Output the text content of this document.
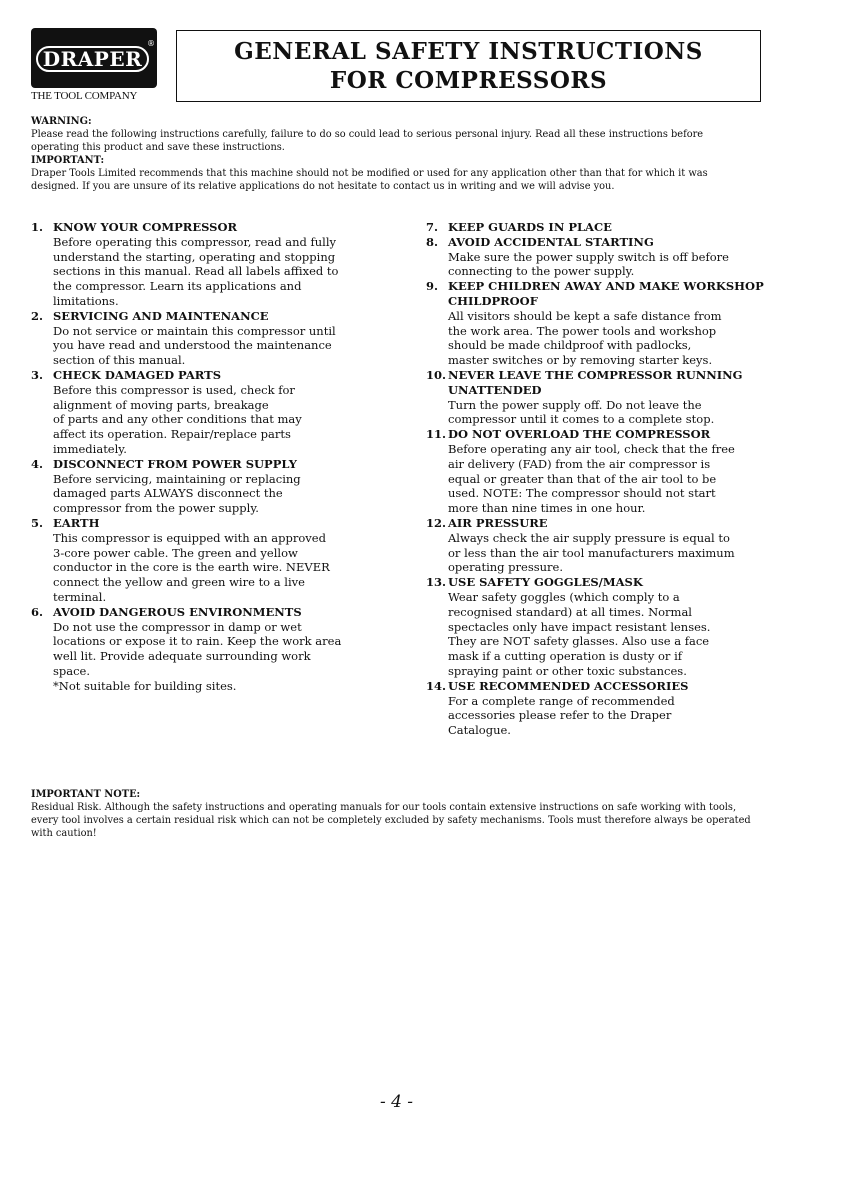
®
DRAPER
THE TOOL COMPANY
GENERAL SAFETY INSTRUCTIONS
FOR COMPRESSORS
WARNING:

Please read the following instructions carefully, failure to do so could lead to serious personal injury. Read all these instructions before operating this product and save these instructions.

IMPORTANT:

Draper Tools Limited recommends that this machine should not be modified or used for any application other than that for which it was designed. If you are unsure of its relative applications do not hesitate to contact us in writing and we will advise you.

1. KNOW YOUR COMPRESSOR
Before operating this compressor, read and fully
understand the starting, operating and stopping
sections in this manual. Read all labels affixed to
the compressor. Learn its applications and
limitations.
2. SERVICING AND MAINTENANCE
Do not service or maintain this compressor until
you have read and understood the maintenance
section of this manual.
3. CHECK DAMAGED PARTS
Before this compressor is used, check for
alignment of moving parts, breakage
of parts and any other conditions that may
affect its operation. Repair/replace parts
immediately.
4. DISCONNECT FROM POWER SUPPLY
Before servicing, maintaining or replacing
damaged parts ALWAYS disconnect the
compressor from the power supply.
5. EARTH
This compressor is equipped with an approved
3-core power cable. The green and yellow
conductor in the core is the earth wire. NEVER
connect the yellow and green wire to a live
terminal.
6. AVOID DANGEROUS ENVIRONMENTS
Do not use the compressor in damp or wet
locations or expose it to rain. Keep the work area
well lit. Provide adequate surrounding work
space.
*Not suitable for building sites.
7. KEEP GUARDS IN PLACE
8. AVOID ACCIDENTAL STARTING
Make sure the power supply switch is off before
connecting to the power supply.
9. KEEP CHILDREN AWAY AND MAKE WORKSHOP CHILDPROOF
All visitors should be kept a safe distance from
the work area. The power tools and workshop
should be made childproof with padlocks,
master switches or by removing starter keys.
10. NEVER LEAVE THE COMPRESSOR RUNNING UNATTENDED
Turn the power supply off. Do not leave the
compressor until it comes to a complete stop.
11. DO NOT OVERLOAD THE COMPRESSOR
Before operating any air tool, check that the free
air delivery (FAD) from the air compressor is
equal or greater than that of the air tool to be
used. NOTE: The compressor should not start
more than nine times in one hour.
12. AIR PRESSURE
Always check the air supply pressure is equal to
or less than the air tool manufacturers maximum
operating pressure.
13. USE SAFETY GOGGLES/MASK
Wear safety goggles (which comply to a
recognised standard) at all times. Normal
spectacles only have impact resistant lenses.
They are NOT safety glasses. Also use a face
mask if a cutting operation is dusty or if
spraying paint or other toxic substances.
14. USE RECOMMENDED ACCESSORIES
For a complete range of recommended
accessories please refer to the Draper
Catalogue.
IMPORTANT NOTE:

Residual Risk. Although the safety instructions and operating manuals for our tools contain extensive instructions on safe working with tools, every tool involves a certain residual risk which can not be completely excluded by safety mechanisms. Tools must therefore always be operated with caution!

- 4 -
